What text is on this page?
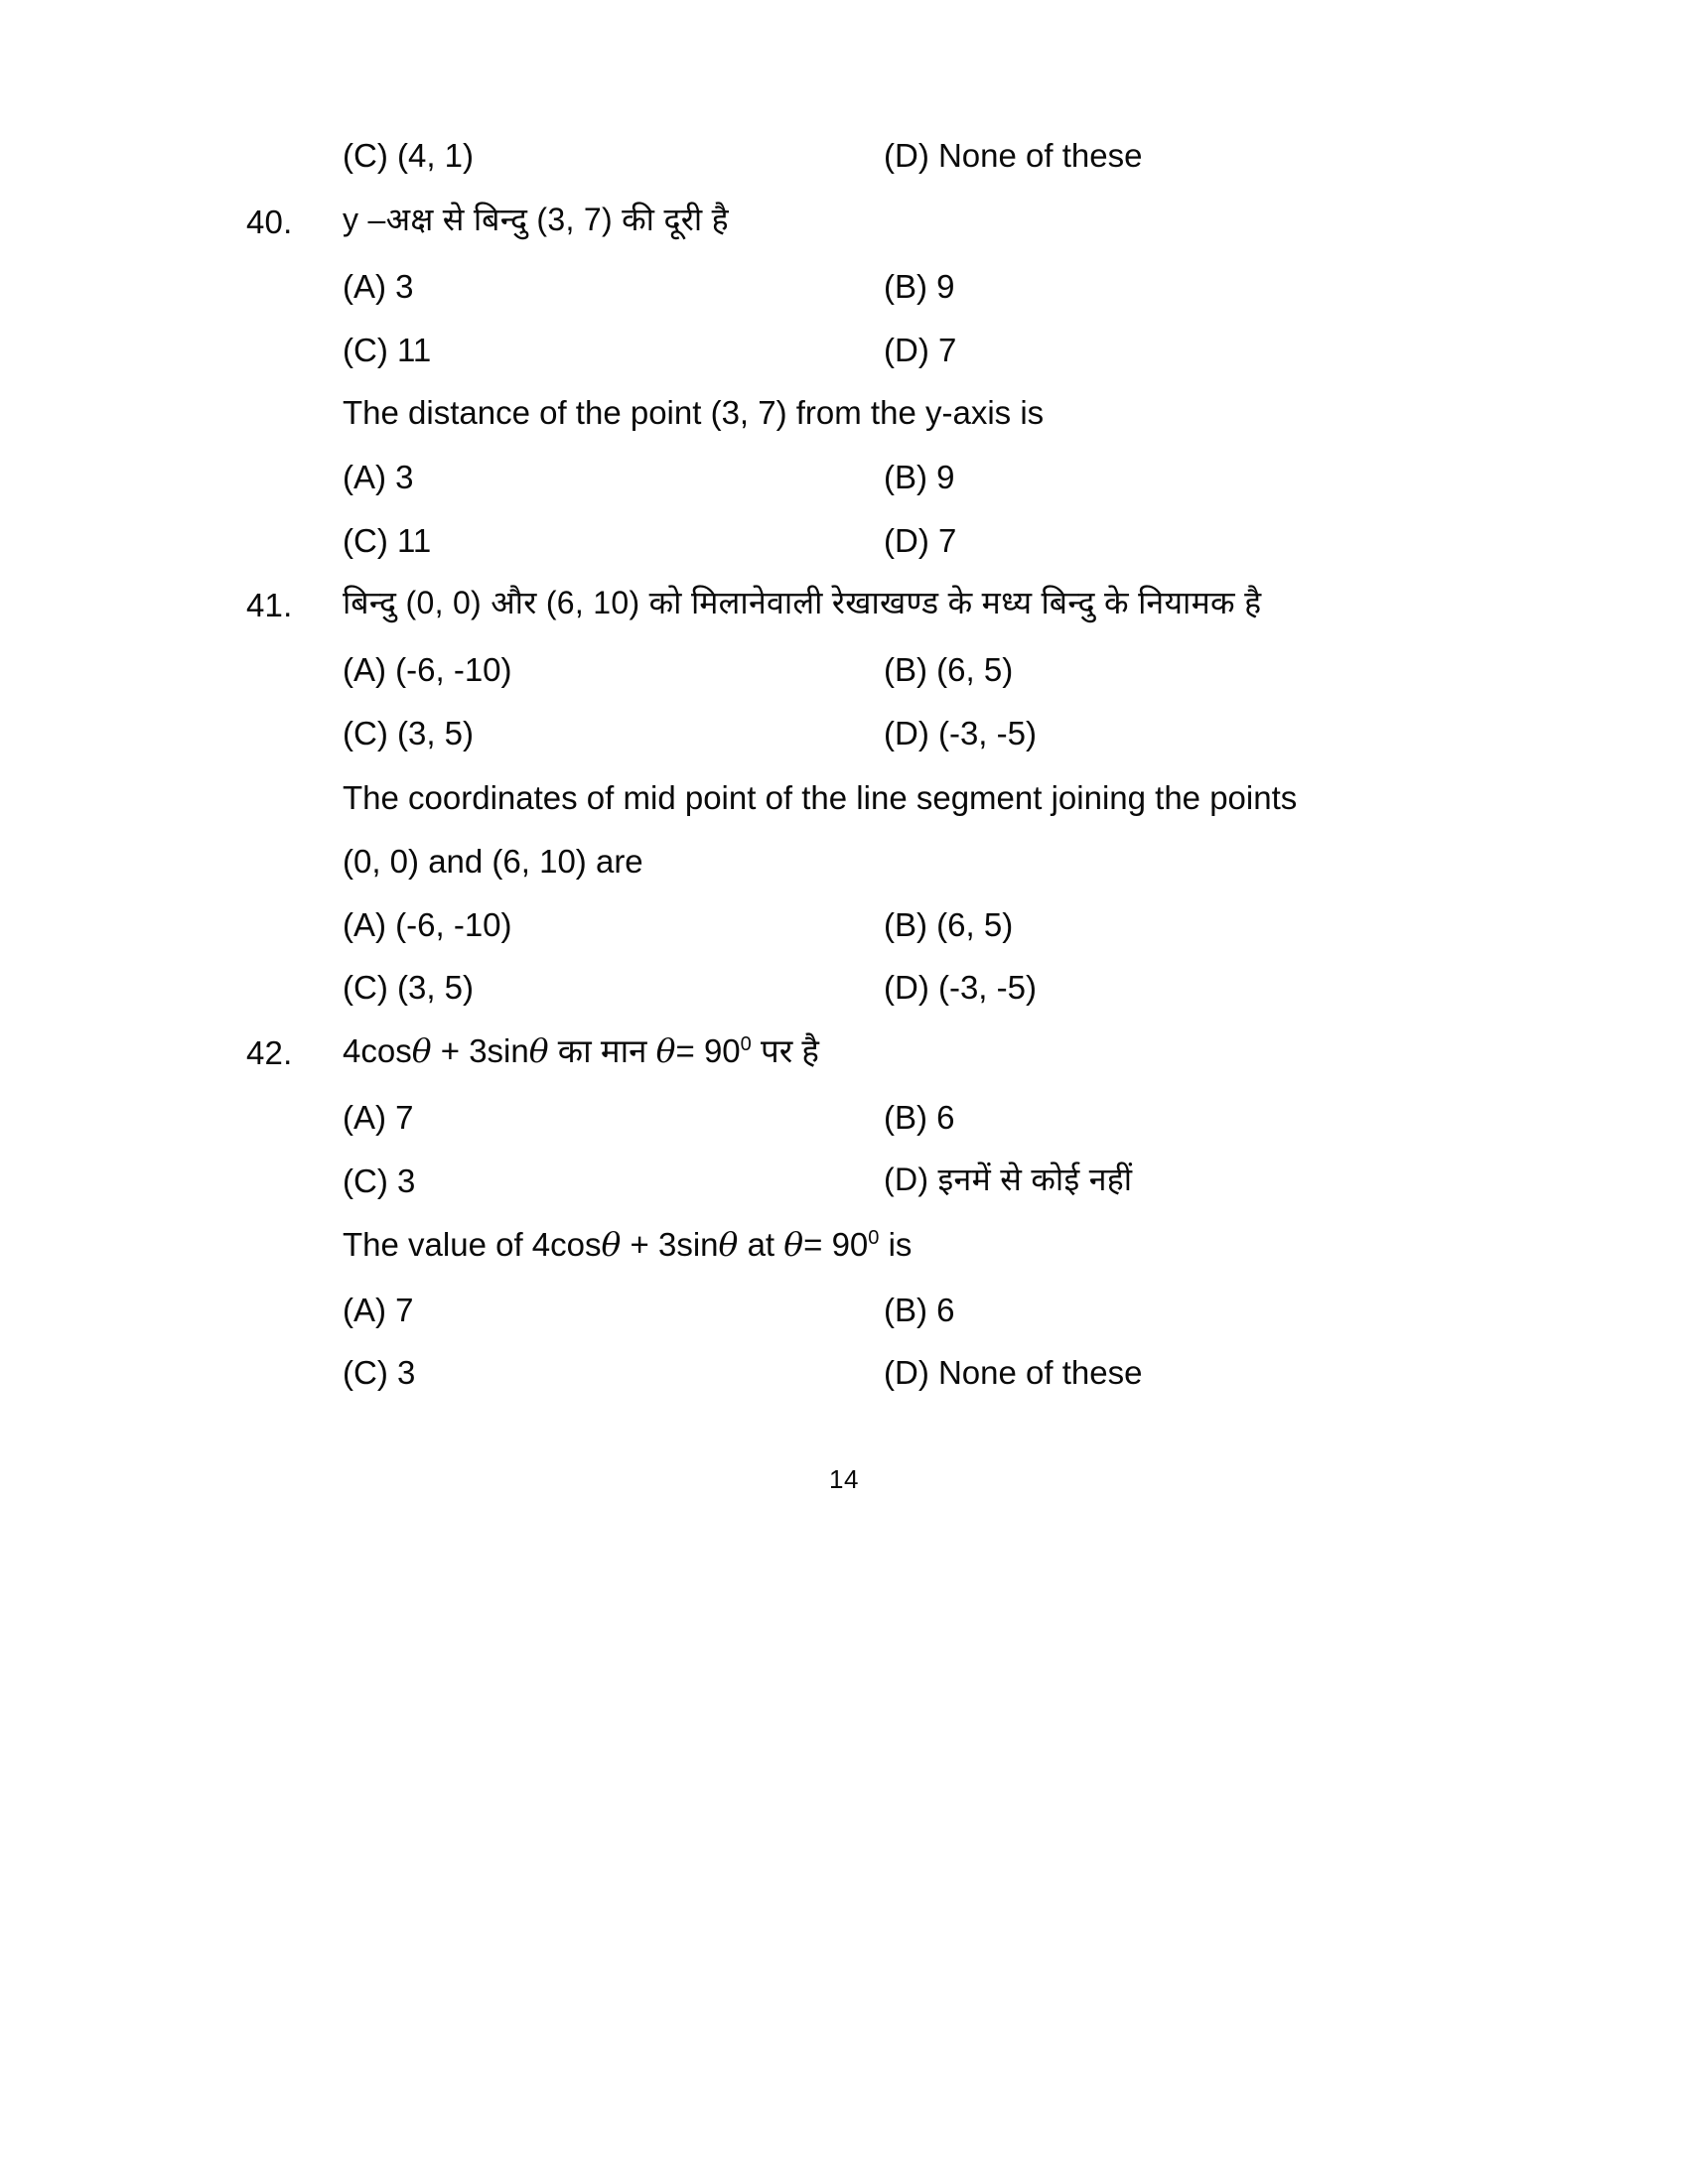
(C) (4, 1)	(D) None of these
40. y –अक्ष से बिन्दु (3, 7) की दूरी है
(A) 3	(B) 9
(C) 11	(D) 7
The distance of the point (3, 7) from the y-axis is
(A) 3	(B) 9
(C) 11	(D) 7
41. बिन्दु (0, 0) और (6, 10) को मिलानेवाली रेखाखण्ड के मध्य बिन्दु के नियामक है
(A) (-6, -10)	(B) (6, 5)
(C) (3, 5)	(D) (-3, -5)
The coordinates of mid point of the line segment joining the points
(0, 0) and (6, 10) are
(A) (-6, -10)	(B) (6, 5)
(C) (3, 5)	(D) (-3, -5)
42. 4cosθ + 3sinθ का मान $\theta= 90^0$ पर है
(A) 7	(B) 6
(C) 3	(D) इनमें से कोई नहीं
The value of 4cosθ + 3sinθ at $\theta= 90^0$ is
(A) 7	(B) 6
(C) 3	(D) None of these
14
